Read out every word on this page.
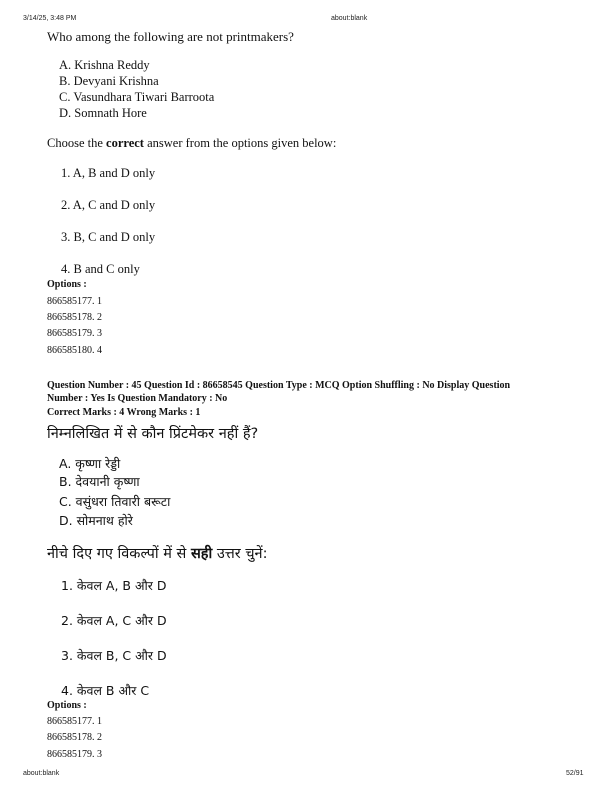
3/14/25, 3:48 PM	about:blank
Who among the following are not printmakers?
A. Krishna Reddy
B. Devyani Krishna
C. Vasundhara Tiwari Barroota
D. Somnath Hore
Choose the correct answer from the options given below:
1. A, B and D only
2. A, C and D only
3. B, C and D only
4. B and C only
Options :
866585177. 1
866585178. 2
866585179. 3
866585180. 4
Question Number : 45 Question Id : 86658545 Question Type : MCQ Option Shuffling : No Display Question
Number : Yes Is Question Mandatory : No
Correct Marks : 4 Wrong Marks : 1
निम्नलिखित में से कौन प्रिंटमेकर नहीं हैं?
A. कृष्णा रेड्डी
B. देवयानी कृष्णा
C. वसुंधरा तिवारी बरूटा
D. सोमनाथ होरे
नीचे दिए गए विकल्पों में से सही उत्तर चुनें:
1. केवल A, B और D
2. केवल A, C और D
3. केवल B, C और D
4. केवल B और C
Options :
866585177. 1
866585178. 2
866585179. 3
about:blank	52/91
